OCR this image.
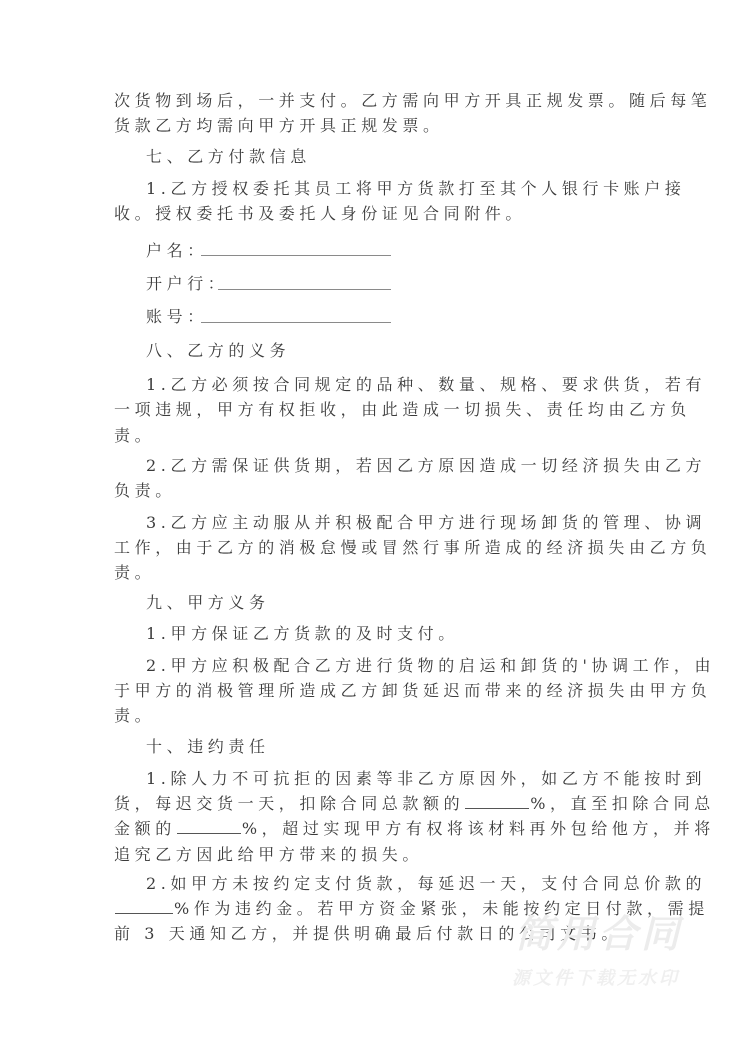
次货物到场后，一并支付。乙方需向甲方开具正规发票。随后每笔
货款乙方均需向甲方开具正规发票。
七、乙方付款信息
1.乙方授权委托其员工将甲方货款打至其个人银行卡账户接
收。授权委托书及委托人身份证见合同附件。
户名：
开户行：
账号：
八、乙方的义务
1.乙方必须按合同规定的品种、数量、规格、要求供货，若有
一项违规，甲方有权拒收，由此造成一切损失、责任均由乙方负
责。
2.乙方需保证供货期，若因乙方原因造成一切经济损失由乙方
负责。
3.乙方应主动服从并积极配合甲方进行现场卸货的管理、协调
工作，由于乙方的消极怠慢或冒然行事所造成的经济损失由乙方负
责。
九、甲方义务
1.甲方保证乙方货款的及时支付。
2.甲方应积极配合乙方进行货物的启运和卸货的'协调工作，由
于甲方的消极管理所造成乙方卸货延迟而带来的经济损失由甲方负
责。
十、违约责任
1.除人力不可抗拒的因素等非乙方原因外，如乙方不能按时到
货，每迟交货一天，扣除合同总款额的	%，直至扣除合同总
金额的	%，超过实现甲方有权将该材料再外包给他方，并将
追究乙方因此给甲方带来的损失。
2.如甲方未按约定支付货款，每延迟一天，支付合同总价款的
%作为违约金。若甲方资金紧张，未能按约定日付款，需提
前 3 天通知乙方，并提供明确最后付款日的公司文书。
简用合同
源文件下载无水印
